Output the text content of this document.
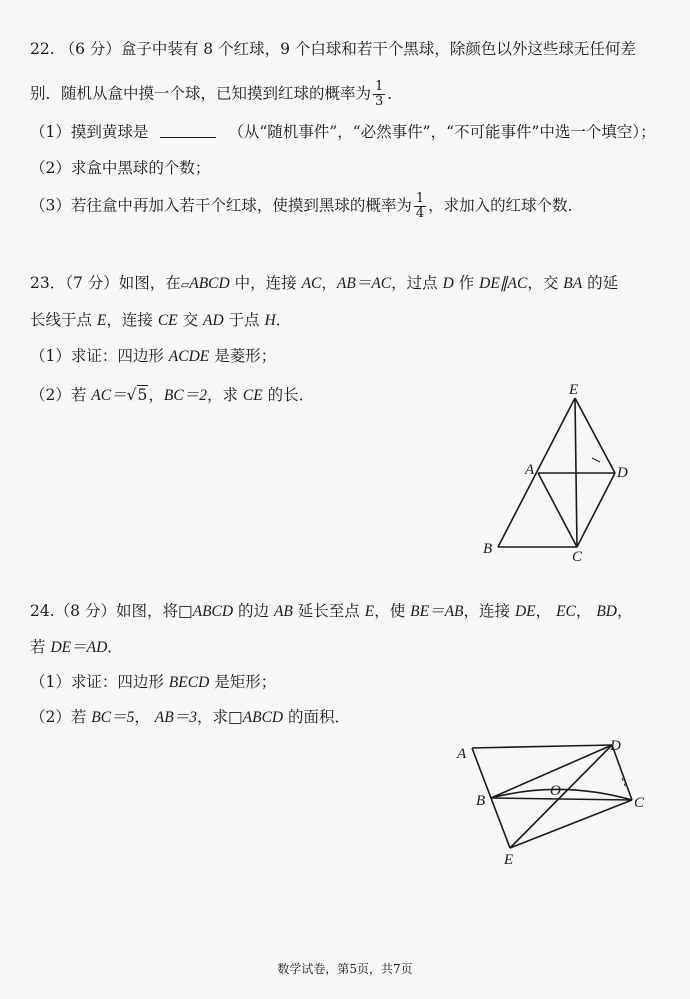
22. （6 分）盒子中装有 8 个红球，9 个白球和若干个黑球，除颜色以外这些球无任何差
别．随机从盒中摸一个球，已知摸到红球的概率为 $\frac{1}{3}$ ．
（1）摸到黄球是	（从“随机事件”，“必然事件”，“不可能事件”中选一个填空）；
（2）求盒中黑球的个数；
（3）若往盒中再加入若干个红球，使摸到黑球的概率为 $\frac{1}{4}$ ，求加入的红球个数．
23．（7 分）如图，在▱ABCD 中，连接 AC，AB＝AC，过点 D 作 DE∥AC，交 BA 的延
长线于点 E，连接 CE 交 AD 于点 H．
（1）求证：四边形 ACDE 是菱形；
（2）若 AC＝√5，BC＝2，求 CE 的长．	E
A	D
B	C
24.（8 分）如图，将□ABCD 的边 AB 延长至点 E，使 BE＝AB，连接 DE， EC， BD，
若 DE＝AD．
（1）求证：四边形 BECD 是矩形；
（2）若 BC＝5， AB＝3，求□ABCD 的面积．
A	D
B
O
C
E
数学试卷，第5页，共7页
